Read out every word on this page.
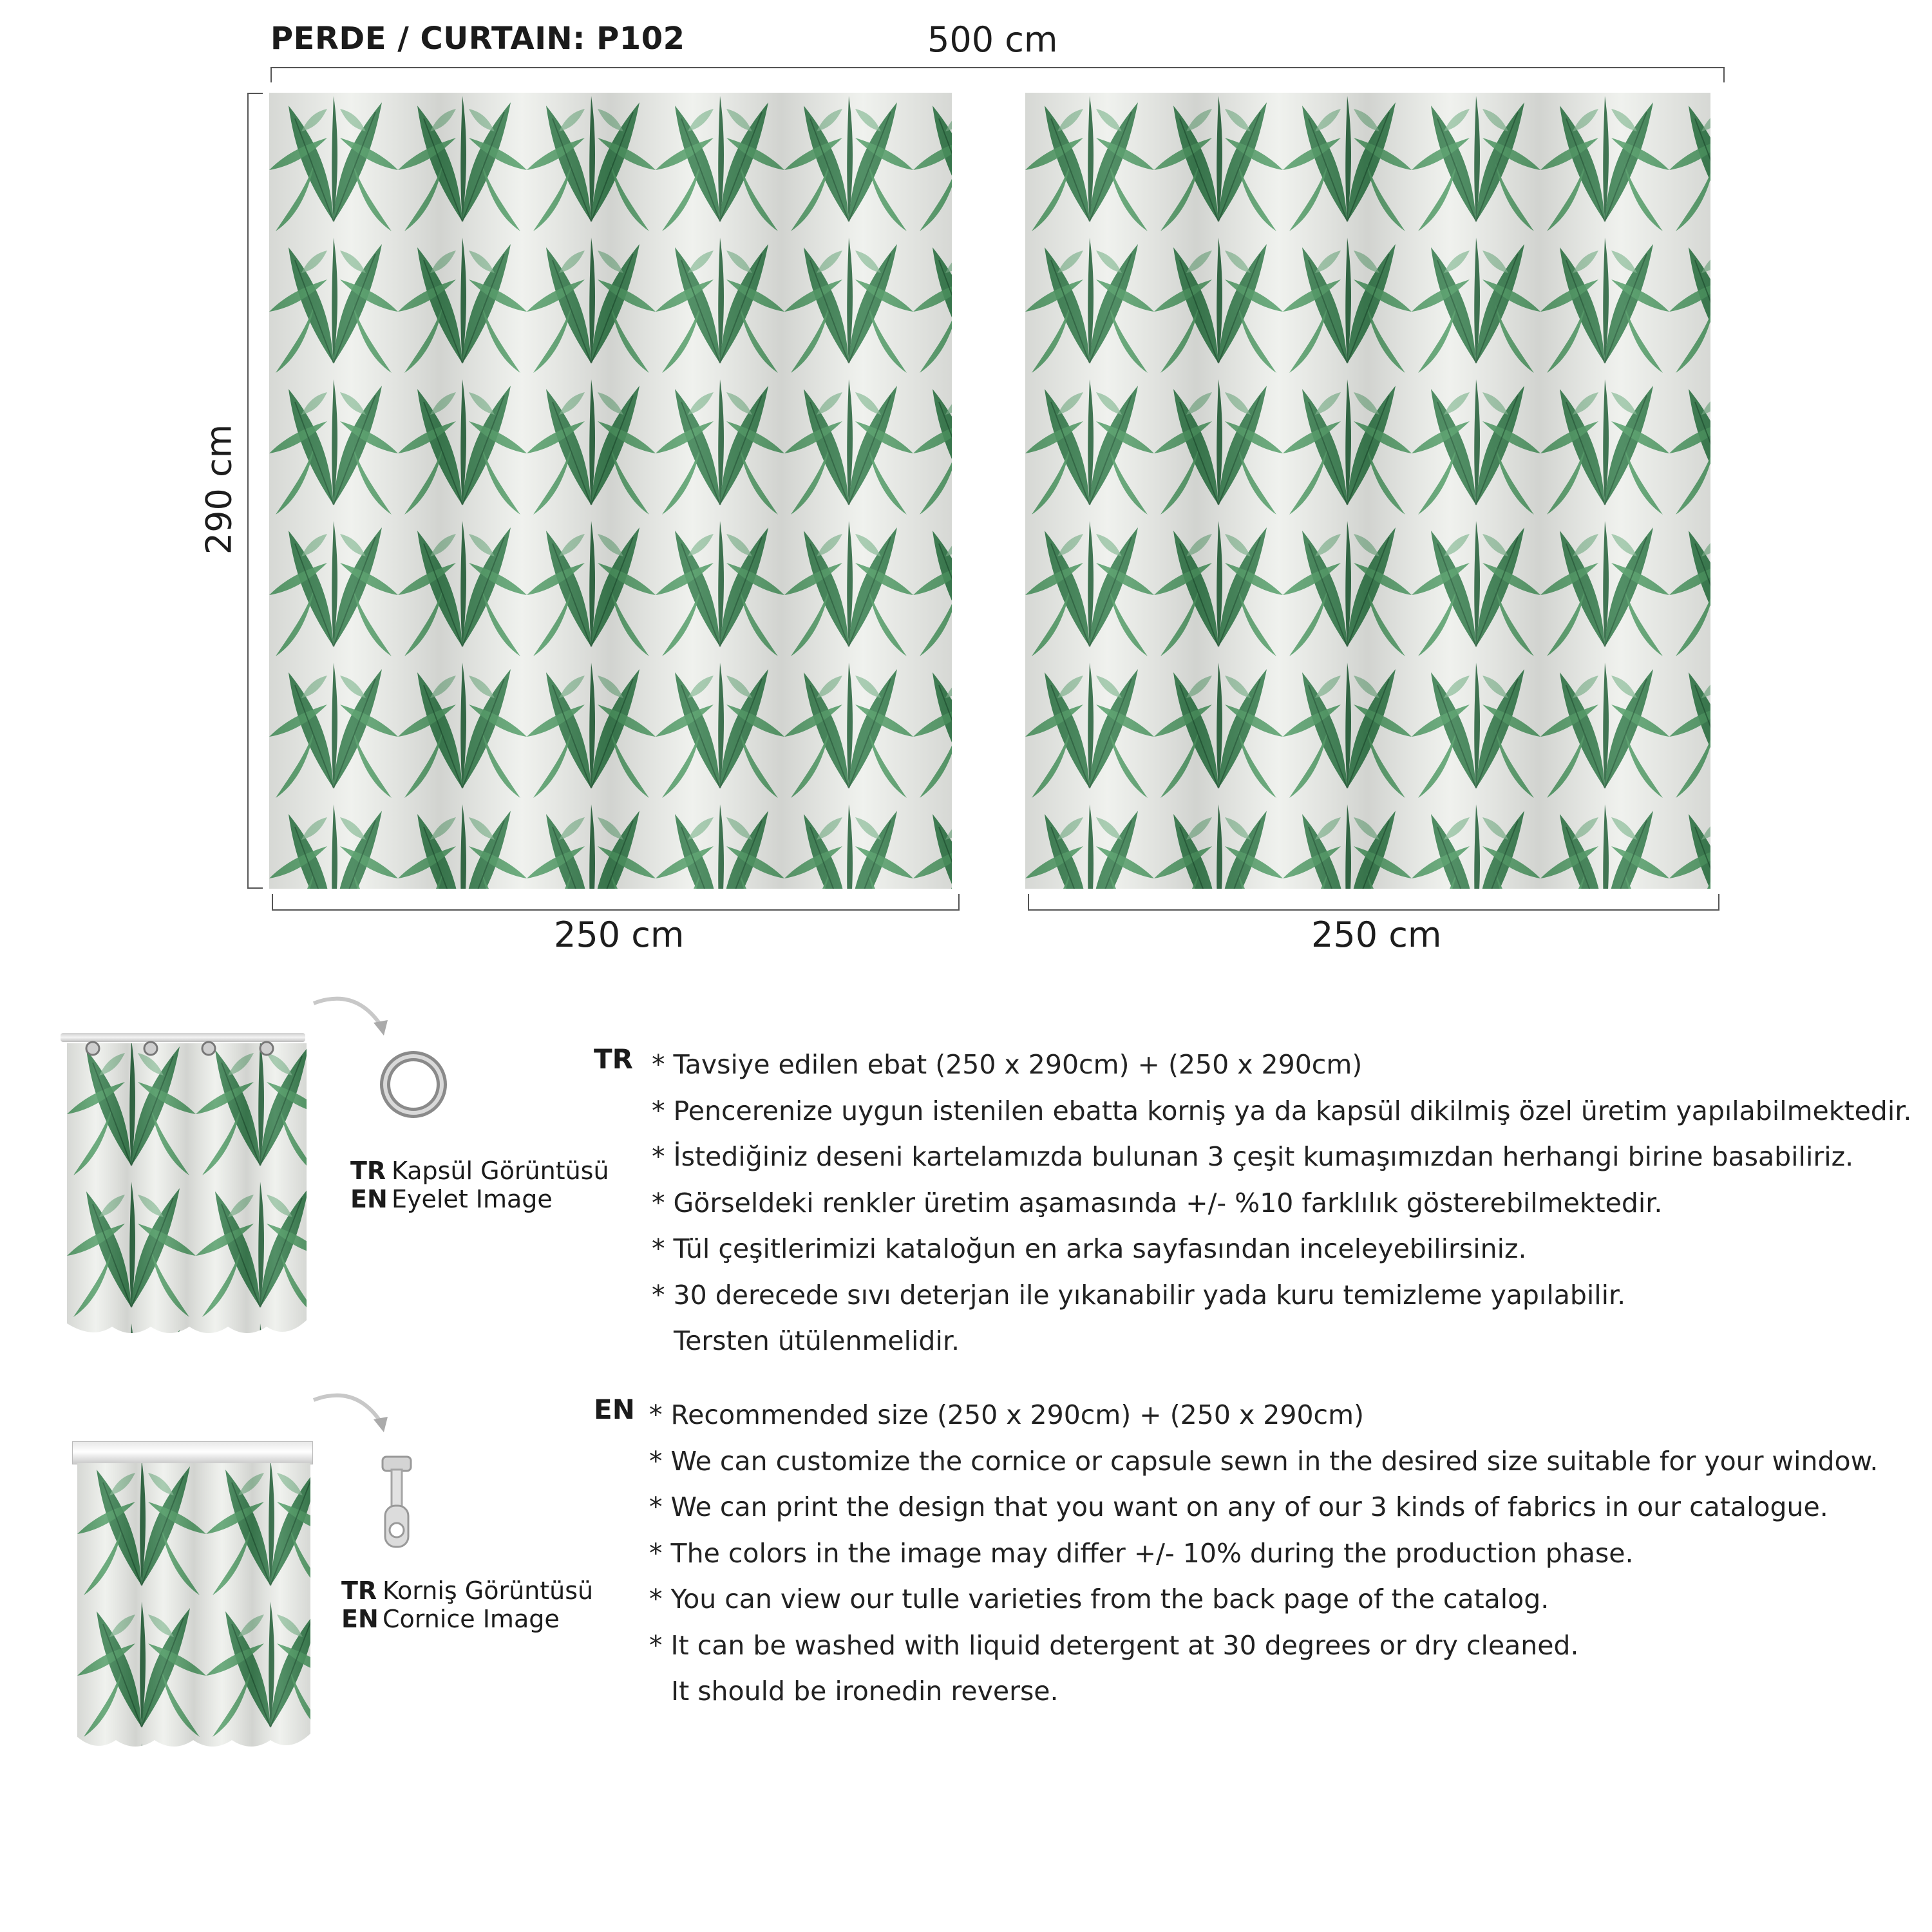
PERDE / CURTAIN: P102	500 cm
290 cm
250 cm	250 cm
TR Kapsül Görüntüsü
EN Eyelet Image
TR Korniş Görüntüsü
EN Cornice Image
TR * Tavsiye edilen ebat (250 x 290cm) + (250 x 290cm)
* Pencerenize uygun istenilen ebatta korniş ya da kapsül dikilmiş özel üretim yapılabilmektedir.
* İstediğiniz deseni kartelamızda bulunan 3 çeşit kumaşımızdan herhangi birine basabiliriz.
* Görseldeki renkler üretim aşamasında +/- %10 farklılık gösterebilmektedir.
* Tül çeşitlerimizi kataloğun en arka sayfasından inceleyebilirsiniz.
* 30 derecede sıvı deterjan ile yıkanabilir yada kuru temizleme yapılabilir.
Tersten ütülenmelidir.
EN * Recommended size (250 x 290cm) + (250 x 290cm)
* We can customize the cornice or capsule sewn in the desired size suitable for your window.
* We can print the design that you want on any of our 3 kinds of fabrics in our catalogue.
* The colors in the image may differ +/- 10% during the production phase.
* You can view our tulle varieties from the back page of the catalog.
* It can be washed with liquid detergent at 30 degrees or dry cleaned.
It should be ironedin reverse.
